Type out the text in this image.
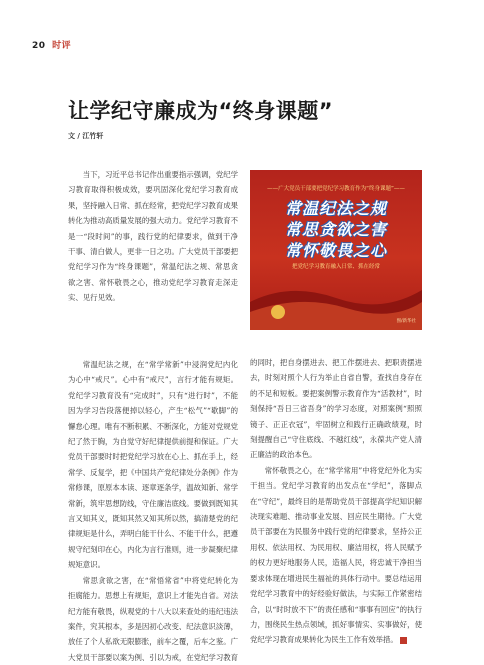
20 时评
让学纪守廉成为“终身课题”
文 / 江竹轩

当下，习近平总书记作出重要指示强调，党纪学习教育取得积极成效，要巩固深化党纪学习教育成果，坚持融入日常、抓在经常，把党纪学习教育成果转化为推动高质量发展的强大动力。党纪学习教育不是一“段时间”的事，践行党的纪律要求，做到干净干事、清白做人，更非一日之功。广大党员干部要把党纪学习作为“终身课题”，常温纪法之规、常思贪欲之害、常怀敬畏之心，推动党纪学习教育走深走实、见行见效。

——广大党员干部要把党纪学习教育作为“终身课题”——
常温纪法之规
常思贪欲之害
常怀敬畏之心
把党纪学习教育融入日常、抓在经常
图/新华社

常温纪法之规，在“常学常新”中浸润党纪内化为心中“戒尺”。心中有“戒尺”，言行才能有规矩。党纪学习教育没有“完成时”，只有“进行时”，不能因为学习告段落便掉以轻心，产生“松气”“歇脚”的懈怠心理。唯有不断积累、不断深化，方能对党规党纪了然于胸，为自觉守好纪律提供前提和保证。广大党员干部要时时把党纪学习放在心上、抓在手上，经常学、反复学，把《中国共产党纪律处分条例》作为常修课，原原本本读、逐章逐条学，温故知新、常学常新，筑牢思想防线，守住廉洁底线。要做到既知其言又知其义，既知其然又知其所以然，搞清楚党的纪律规矩是什么，弄明白能干什么、不能干什么，把遵规守纪刻印在心，内化为言行准则，进一步凝聚纪律规矩意识。

常思贪欲之害，在“常悟常省”中将党纪转化为拒腐能力。思想上有规矩，意识上才能先自省。对法纪方能有敬畏，纵观党的十八大以来查处的违纪违法案件，究其根本，多是因初心改变、纪法意识淡薄，放任了个人私欲无限膨胀，前车之覆，后车之鉴。广大党员干部要以案为例、引以为戒，在党纪学习教育

的同时，把自身摆进去、把工作摆进去、把职责摆进去，时刻对照个人行为举止自省自警，查找自身存在的不足和短板。要把案例警示教育作为“活教材”，时刻保持“吾日三省吾身”的学习态度，对照案例“照照镜子、正正衣冠”，牢固树立和践行正确政绩观，时刻提醒自己“守住底线、不越红线”，永葆共产党人清正廉洁的政治本色。

常怀敬畏之心，在“常学常用”中将党纪外化为实干担当。党纪学习教育的出发点在“学纪”，落脚点在“守纪”，最终目的是帮助党员干部提高学纪知识解决现实难题、推动事业发展、回应民生期待。广大党员干部要在为民服务中践行党的纪律要求，坚持公正用权、依法用权、为民用权、廉洁用权，将人民赋予的权力更好地服务人民，造福人民，将忠诚干净担当要求体现在增进民生福祉的具体行动中。要总结运用党纪学习教育中的好经验好做法，与实际工作紧密结合，以“时时放不下”的责任感和“事事有回应”的执行力，围绕民生热点领域，抓好事情实、实事做好，使党纪学习教育成果转化为民生工作有效举措。
